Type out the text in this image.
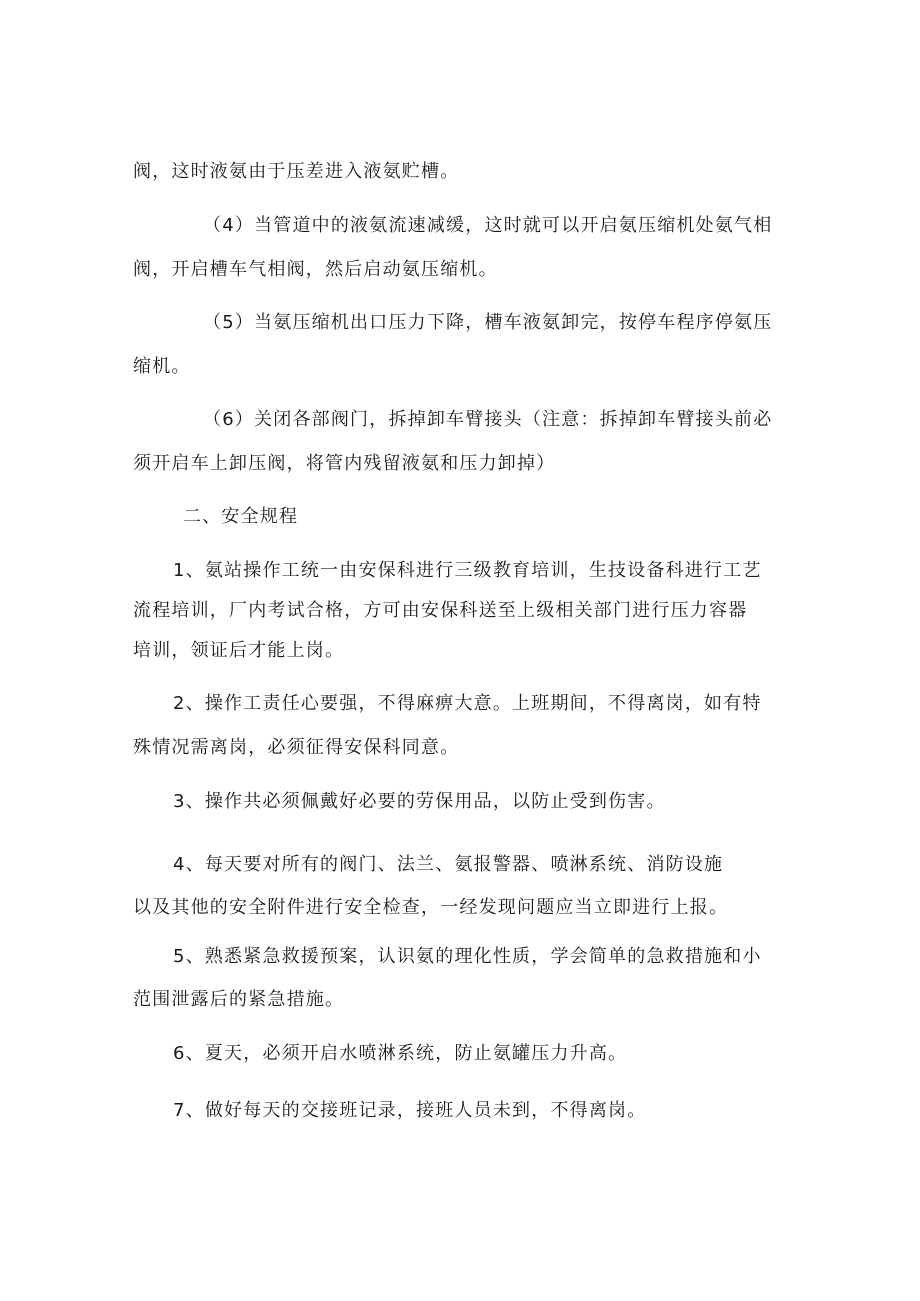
阀，这时液氨由于压差进入液氨贮槽。
（4）当管道中的液氨流速减缓，这时就可以开启氨压缩机处氨气相
阀，开启槽车气相阀，然后启动氨压缩机。
（5）当氨压缩机出口压力下降，槽车液氨卸完，按停车程序停氨压
缩机。
（6）关闭各部阀门，拆掉卸车臂接头（注意：拆掉卸车臂接头前必
须开启车上卸压阀，将管内残留液氨和压力卸掉）
二、安全规程
1、氨站操作工统一由安保科进行三级教育培训，生技设备科进行工艺
流程培训，厂内考试合格，方可由安保科送至上级相关部门进行压力容器
培训，领证后才能上岗。
2、操作工责任心要强，不得麻痹大意。上班期间，不得离岗，如有特
殊情况需离岗，必须征得安保科同意。
3、操作共必须佩戴好必要的劳保用品，以防止受到伤害。
4、每天要对所有的阀门、法兰、氨报警器、喷淋系统、消防设施
以及其他的安全附件进行安全检查，一经发现问题应当立即进行上报。
5、熟悉紧急救援预案，认识氨的理化性质，学会简单的急救措施和小
范围泄露后的紧急措施。
6、夏天，必须开启水喷淋系统，防止氨罐压力升高。
7、做好每天的交接班记录，接班人员未到，不得离岗。
